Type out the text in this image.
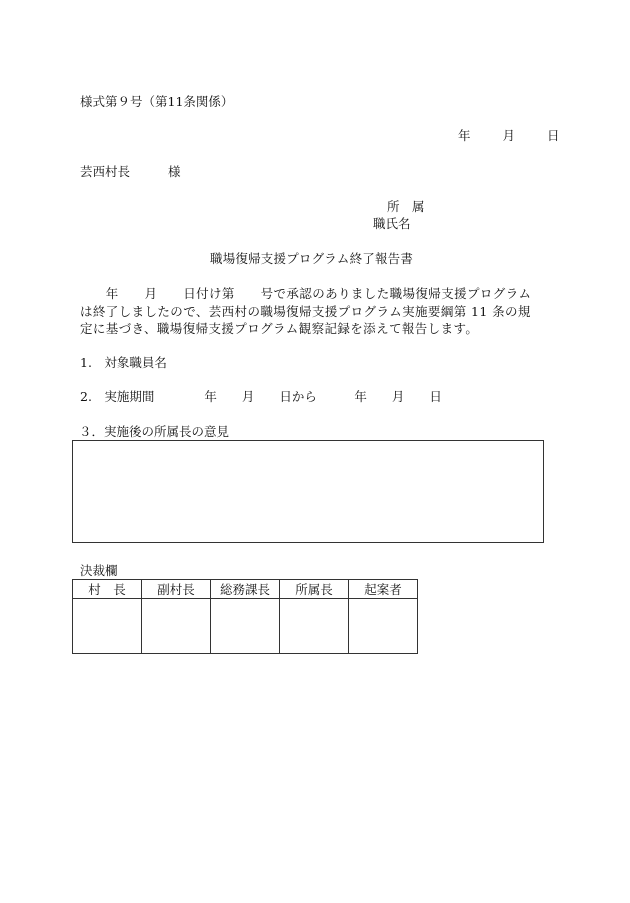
様式第９号（第11条関係）
年	月	日
芸西村長	様
所　属
職氏名
職場復帰支援プログラム終了報告書
　　年　　月　　日付け第　　号で承認のありました職場復帰支援プログラム
は終了しましたので、芸西村の職場復帰支援プログラム実施要綱第 11 条の規
定に基づき、職場復帰支援プログラム観察記録を添えて報告します。
1.　対象職員名
2.　実施期間　　　　年　　月　　日から　　　年　　月　　日
３．実施後の所属長の意見
決裁欄
村　長	副村長	総務課長	所属長	起案者
